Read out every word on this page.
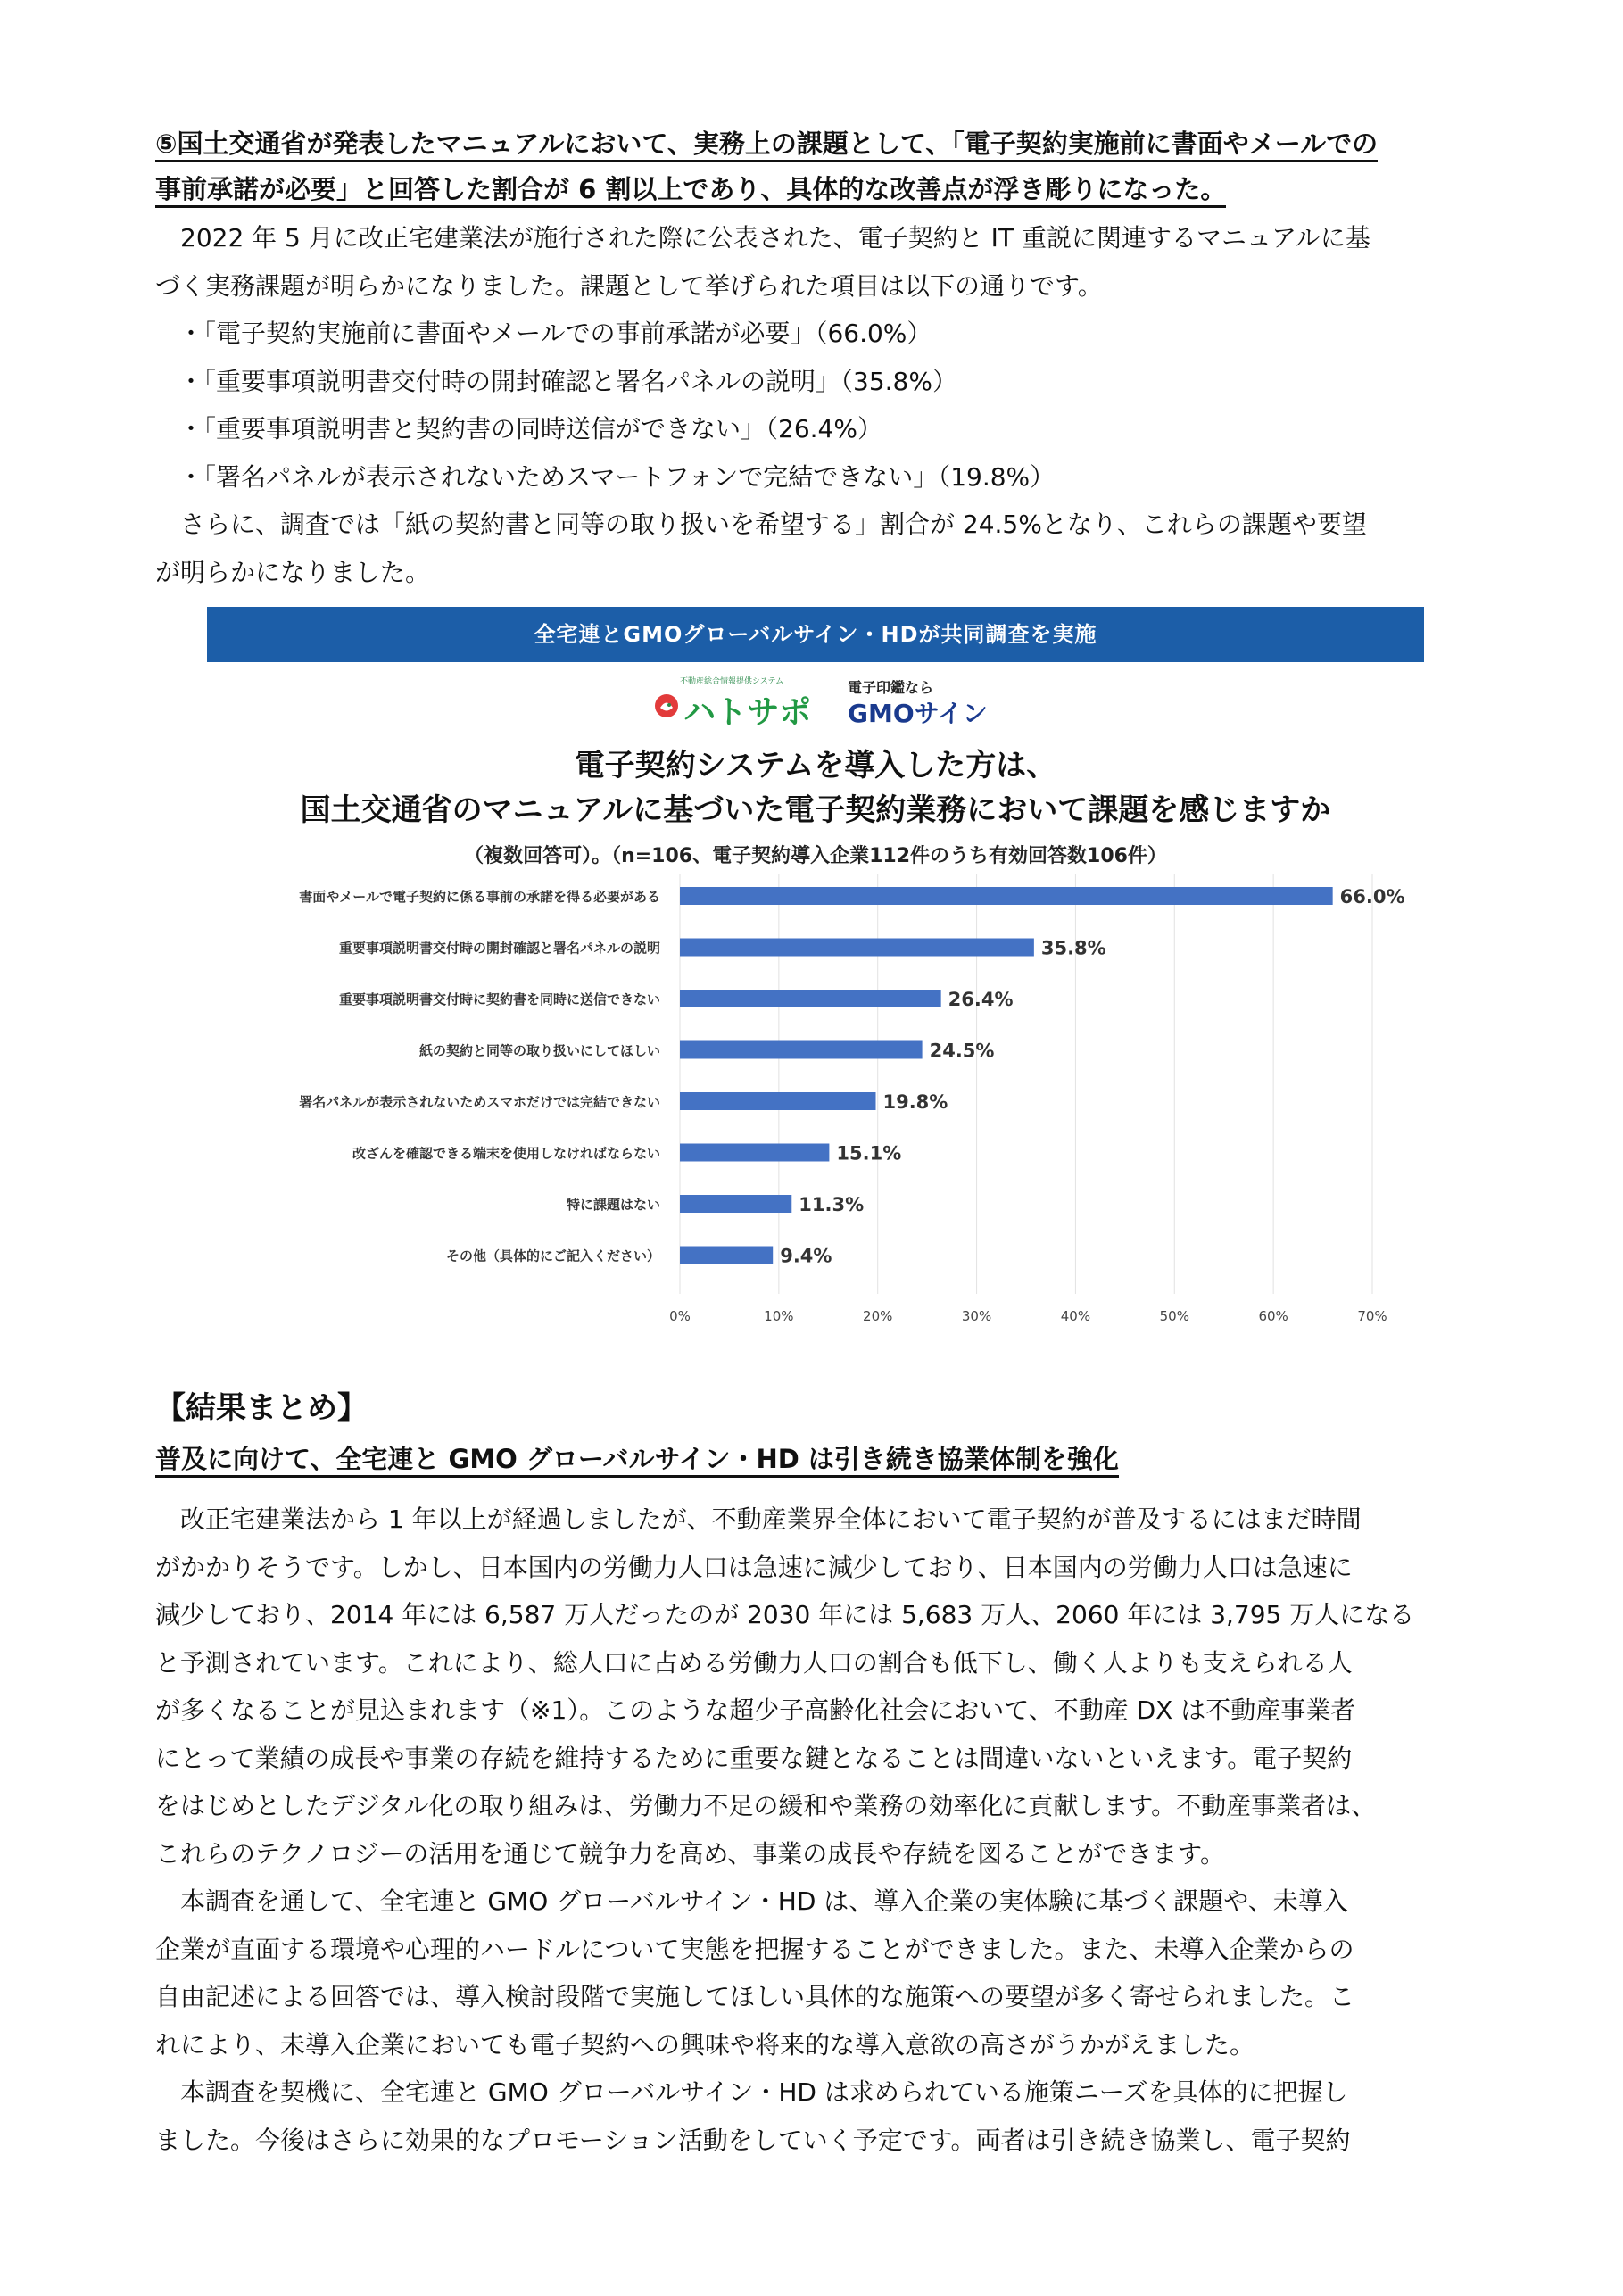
⑤国土交通省が発表したマニュアルにおいて、実務上の課題として、「電子契約実施前に書面やメールでの
事前承諾が必要」と回答した割合が 6 割以上であり、具体的な改善点が浮き彫りになった。
2022 年 5 月に改正宅建業法が施行された際に公表された、電子契約と IT 重説に関連するマニュアルに基
づく実務課題が明らかになりました。課題として挙げられた項目は以下の通りです。
・「電子契約実施前に書面やメールでの事前承諾が必要」（66.0%）
・「重要事項説明書交付時の開封確認と署名パネルの説明」（35.8%）
・「重要事項説明書と契約書の同時送信ができない」（26.4%）
・「署名パネルが表示されないためスマートフォンで完結できない」（19.8%）
さらに、調査では「紙の契約書と同等の取り扱いを希望する」割合が 24.5%となり、これらの課題や要望
が明らかになりました。
全宅連とGMOグローバルサイン・HDが共同調査を実施
不動産総合情報提供システム
ハトサポ
電子印鑑なら
GMOサイン
電子契約システムを導入した方は、
国土交通省のマニュアルに基づいた電子契約業務において課題を感じますか
（複数回答可）。（n=106、電子契約導入企業112件のうち有効回答数106件）
0%	10%	20%	30%	40%	50%	60%	70%
書面やメールで電子契約に係る事前の承諾を得る必要がある	66.0%
重要事項説明書交付時の開封確認と署名パネルの説明	35.8%
重要事項説明書交付時に契約書を同時に送信できない	26.4%
紙の契約と同等の取り扱いにしてほしい	24.5%
署名パネルが表示されないためスマホだけでは完結できない	19.8%
改ざんを確認できる端末を使用しなければならない	15.1%
特に課題はない	11.3%
その他（具体的にご記入ください）	9.4%
【結果まとめ】
普及に向けて、全宅連と GMO グローバルサイン・HD は引き続き協業体制を強化
改正宅建業法から 1 年以上が経過しましたが、不動産業界全体において電子契約が普及するにはまだ時間
がかかりそうです。しかし、日本国内の労働力人口は急速に減少しており、日本国内の労働力人口は急速に
減少しており、2014 年には 6,587 万人だったのが 2030 年には 5,683 万人、2060 年には 3,795 万人になる
と予測されています。これにより、総人口に占める労働力人口の割合も低下し、働く人よりも支えられる人
が多くなることが見込まれます（※1）。このような超少子高齢化社会において、不動産 DX は不動産事業者
にとって業績の成長や事業の存続を維持するために重要な鍵となることは間違いないといえます。電子契約
をはじめとしたデジタル化の取り組みは、労働力不足の緩和や業務の効率化に貢献します。不動産事業者は、
これらのテクノロジーの活用を通じて競争力を高め、事業の成長や存続を図ることができます。
本調査を通して、全宅連と GMO グローバルサイン・HD は、導入企業の実体験に基づく課題や、未導入
企業が直面する環境や心理的ハードルについて実態を把握することができました。また、未導入企業からの
自由記述による回答では、導入検討段階で実施してほしい具体的な施策への要望が多く寄せられました。こ
れにより、未導入企業においても電子契約への興味や将来的な導入意欲の高さがうかがえました。
本調査を契機に、全宅連と GMO グローバルサイン・HD は求められている施策ニーズを具体的に把握し
ました。今後はさらに効果的なプロモーション活動をしていく予定です。両者は引き続き協業し、電子契約
